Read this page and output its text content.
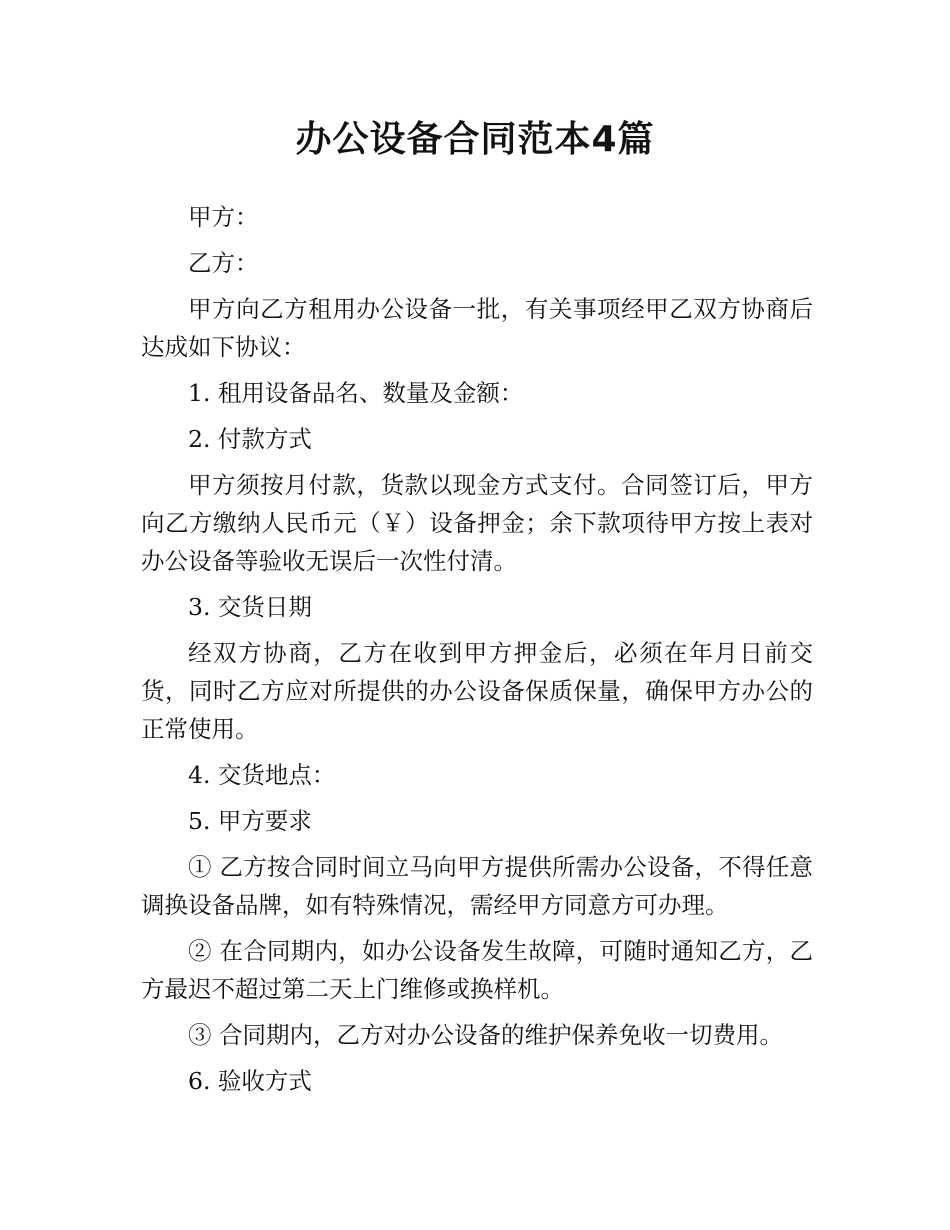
办公设备合同范本4篇

甲方：

乙方：

甲方向乙方租用办公设备一批，有关事项经甲乙双方协商后达成如下协议：

1. 租用设备品名、数量及金额：

2. 付款方式

甲方须按月付款，货款以现金方式支付。合同签订后，甲方向乙方缴纳人民币元（￥）设备押金；余下款项待甲方按上表对办公设备等验收无误后一次性付清。

3. 交货日期

经双方协商，乙方在收到甲方押金后，必须在年月日前交货，同时乙方应对所提供的办公设备保质保量，确保甲方办公的正常使用。

4. 交货地点：

5. 甲方要求

① 乙方按合同时间立马向甲方提供所需办公设备，不得任意调换设备品牌，如有特殊情况，需经甲方同意方可办理。

② 在合同期内，如办公设备发生故障，可随时通知乙方，乙方最迟不超过第二天上门维修或换样机。

③ 合同期内，乙方对办公设备的维护保养免收一切费用。

6. 验收方式
